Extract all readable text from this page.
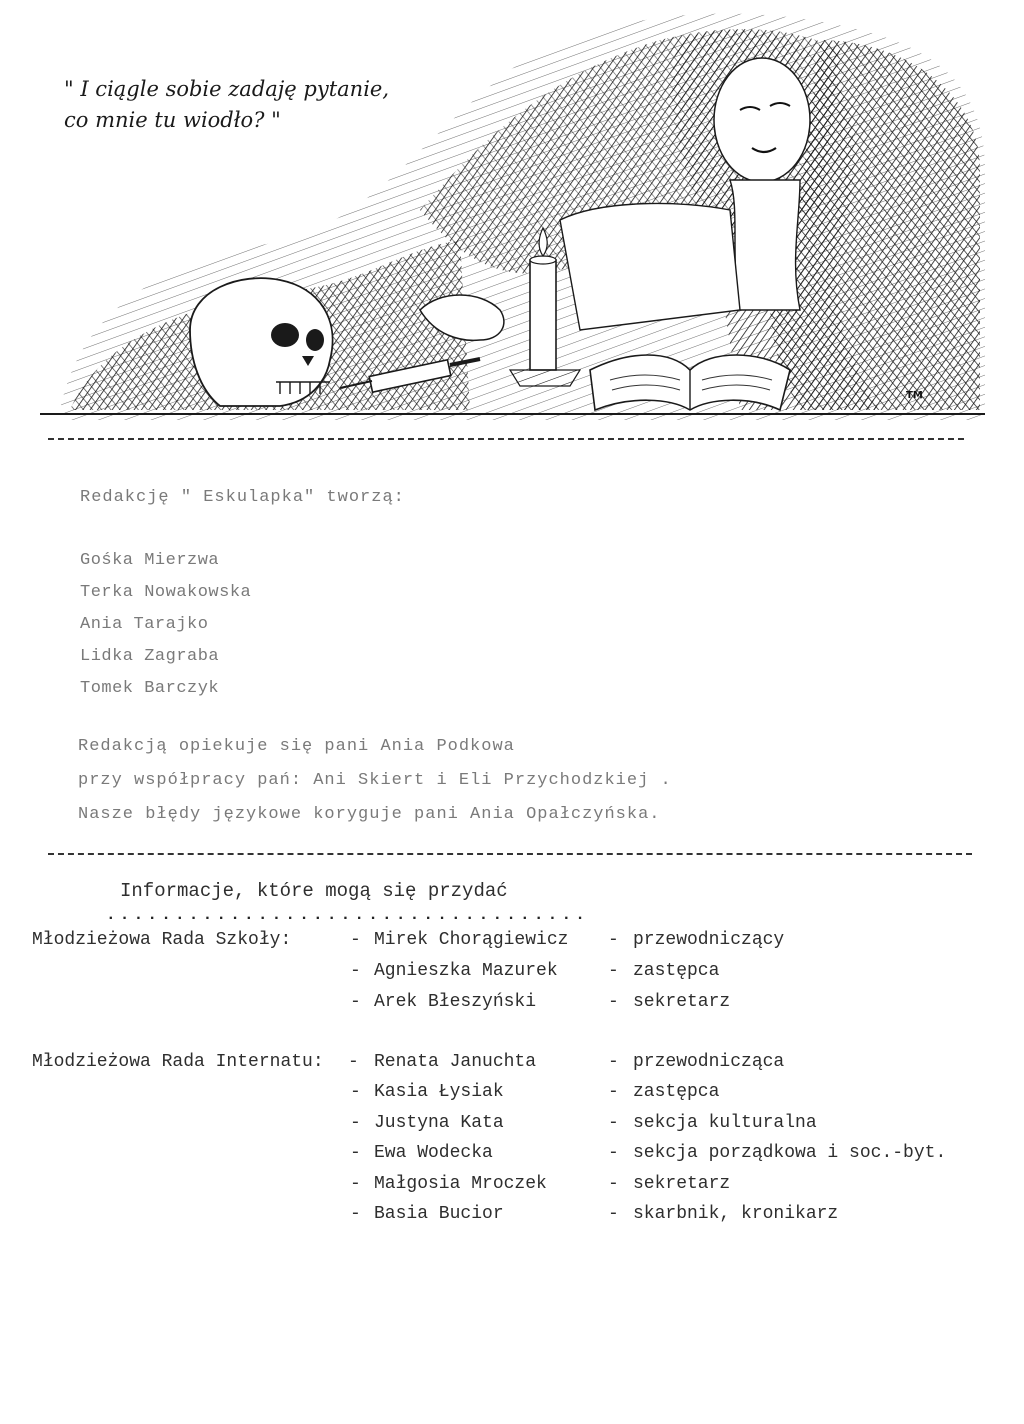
" I ciągle sobie zadaję pytanie,
co mnie tu wiodło? "
TM
Redakcję " Eskulapka" tworzą:
Gośka Mierzwa
Terka Nowakowska
Ania Tarajko
Lidka Zagraba
Tomek Barczyk
Redakcją opiekuje się pani Ania Podkowa
przy współpracy pań: Ani Skiert i Eli Przychodzkiej .
Nasze błędy językowe koryguje pani Ania Opałczyńska.
Informacje, które mogą się przydać
...................................
Młodzieżowa Rada Szkoły:	- Mirek Chorągiewicz - przewodniczący
- Agnieszka Mazurek	- zastępca
- Arek Błeszyński	- sekretarz
Młodzieżowa Rada Internatu: - Renata Januchta	- przewodnicząca
- Kasia Łysiak	- zastępca
- Justyna Kata	- sekcja kulturalna
- Ewa Wodecka	- sekcja porządkowa i soc.-byt.
- Małgosia Mroczek	- sekretarz
- Basia Bucior	- skarbnik, kronikarz
